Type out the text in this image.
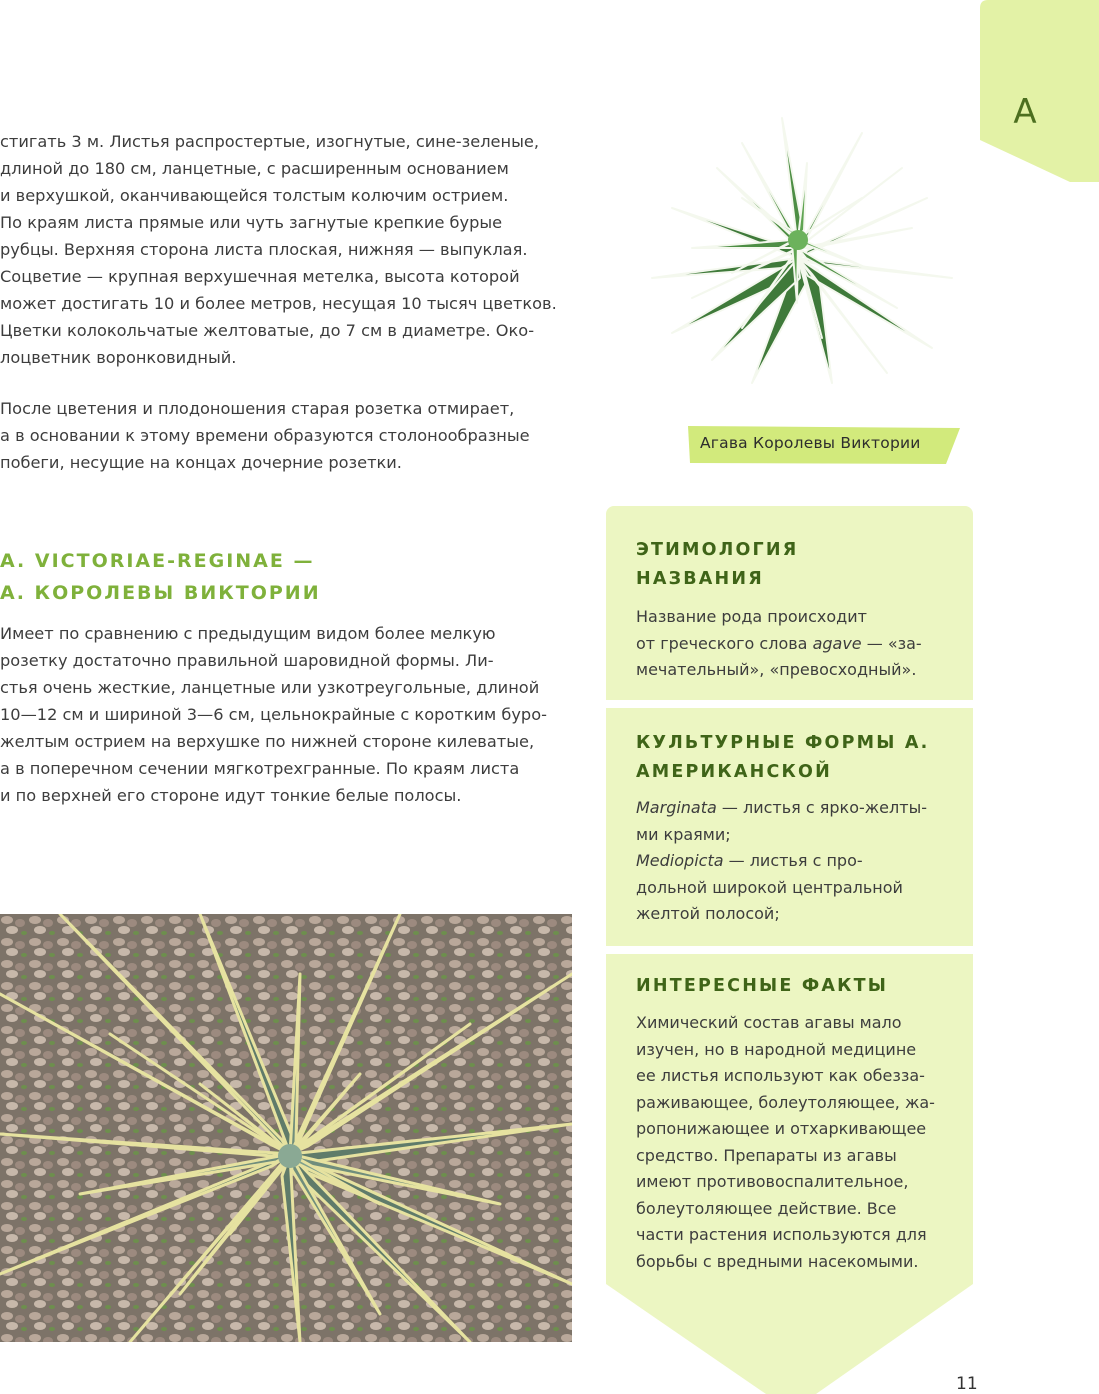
А

стигать 3 м. Листья распростертые, изогнутые, сине-зеленые,
длиной до 180 см, ланцетные, с расширенным основанием
и верхушкой, оканчивающейся толстым колючим острием.
По краям листа прямые или чуть загнутые крепкие бурые
рубцы. Верхняя сторона листа плоская, нижняя — выпуклая.
Соцветие — крупная верхушечная метелка, высота которой
может достигать 10 и более метров, несущая 10 тысяч цветков.
Цветки колокольчатые желтоватые, до 7 см в диаметре. Око-
лоцветник воронковидный.

После цветения и плодоношения старая розетка отмирает,
а в основании к этому времени образуются столонообразные
побеги, несущие на концах дочерние розетки.

Агава Королевы Виктории
A. VICTORIAE-REGINAE —
А. КОРОЛЕВЫ ВИКТОРИИ

Имеет по сравнению с предыдущим видом более мелкую
розетку достаточно правильной шаровидной формы. Ли-
стья очень жесткие, ланцетные или узкотреугольные, длиной
10—12 см и шириной 3—6 см, цельнокрайные с коротким буро-
желтым острием на верхушке по нижней стороне килеватые,
а в поперечном сечении мягкотрехгранные. По краям листа
и по верхней его стороне идут тонкие белые полосы.

ЭТИМОЛОГИЯ
НАЗВАНИЯ

Название рода происходит
от греческого слова agave — «за-
мечательный», «превосходный».

КУЛЬТУРНЫЕ ФОРМЫ А.
АМЕРИКАНСКОЙ

Marginata — листья с ярко-желты-
ми краями;
Mediopicta — листья с про-
дольной широкой центральной
желтой полосой;

ИНТЕРЕСНЫЕ ФАКТЫ

Химический состав агавы мало
изучен, но в народной медицине
ее листья используют как обезза-
раживающее, болеутоляющее, жа-
ропонижающее и отхаркивающее
средство. Препараты из агавы
имеют противовоспалительное,
болеутоляющее действие. Все
части растения используются для
борьбы с вредными насекомыми.

11
